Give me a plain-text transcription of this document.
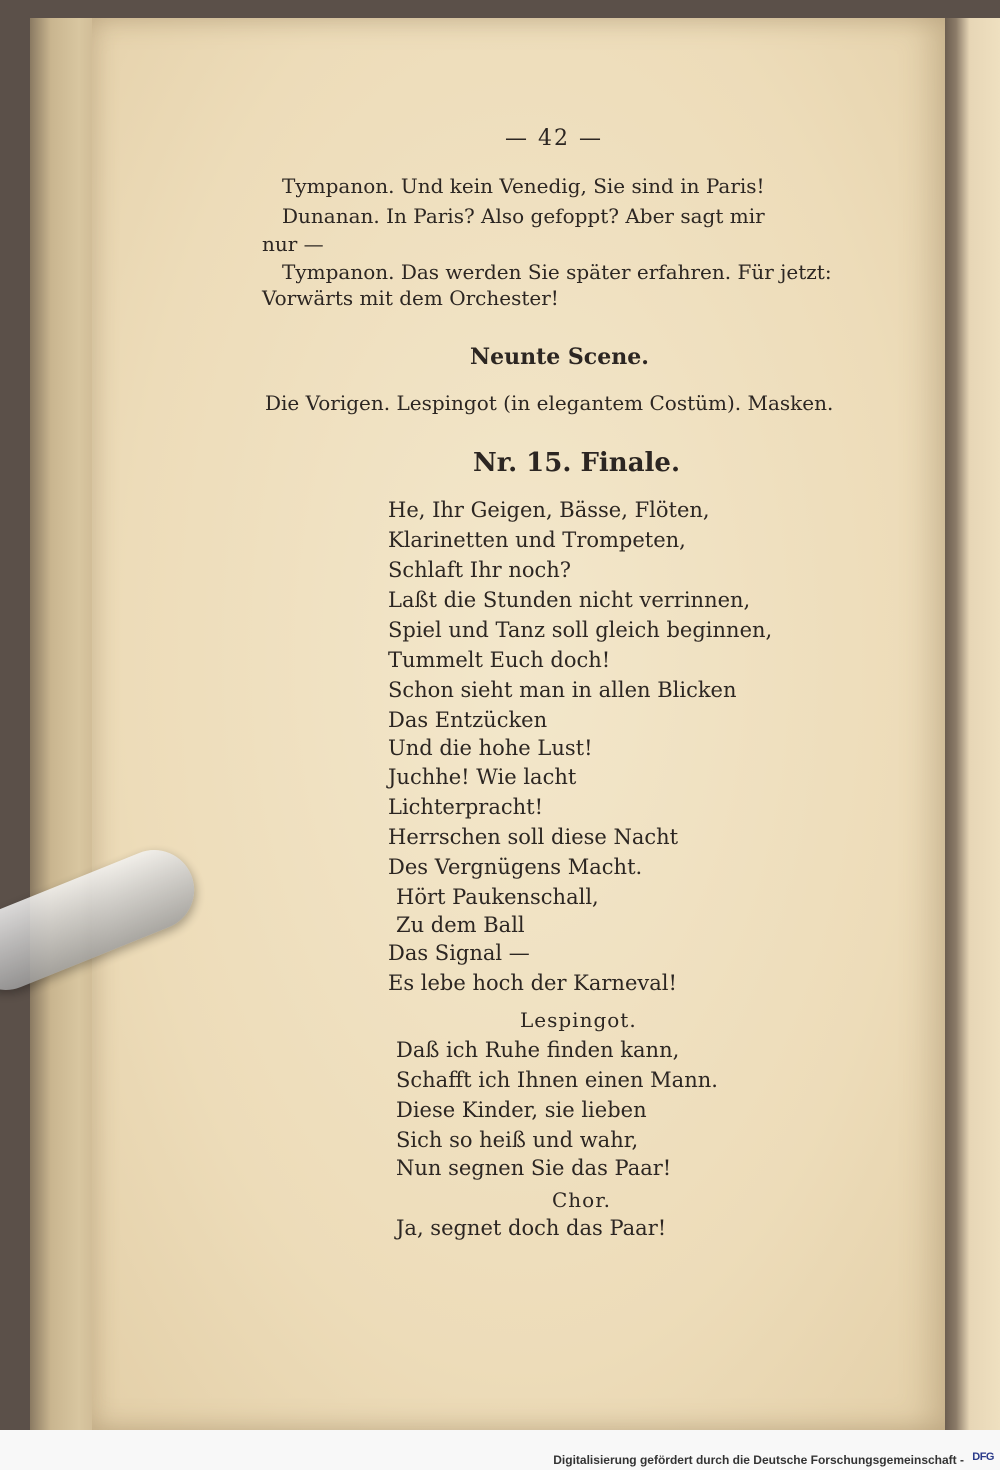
— 42 —
Tympanon. Und kein Venedig, Sie sind in Paris!
Dunanan. In Paris? Also gefoppt? Aber sagt mir
nur —
Tympanon. Das werden Sie später erfahren. Für jetzt:
Vorwärts mit dem Orchester!
Neunte Scene.
Die Vorigen. Lespingot (in elegantem Costüm). Masken.
Nr. 15. Finale.
He, Ihr Geigen, Bässe, Flöten,
Klarinetten und Trompeten,
Schlaft Ihr noch?
Laßt die Stunden nicht verrinnen,
Spiel und Tanz soll gleich beginnen,
Tummelt Euch doch!
Schon sieht man in allen Blicken
Das Entzücken
Und die hohe Lust!
Juchhe! Wie lacht
Lichterpracht!
Herrschen soll diese Nacht
Des Vergnügens Macht.
Hört Paukenschall,
Zu dem Ball
Das Signal —
Es lebe hoch der Karneval!
Lespingot.
Daß ich Ruhe finden kann,
Schafft ich Ihnen einen Mann.
Diese Kinder, sie lieben
Sich so heiß und wahr,
Nun segnen Sie das Paar!
Chor.
Ja, segnet doch das Paar!
Digitalisierung gefördert durch die Deutsche Forschungsgemeinschaft - DFG
